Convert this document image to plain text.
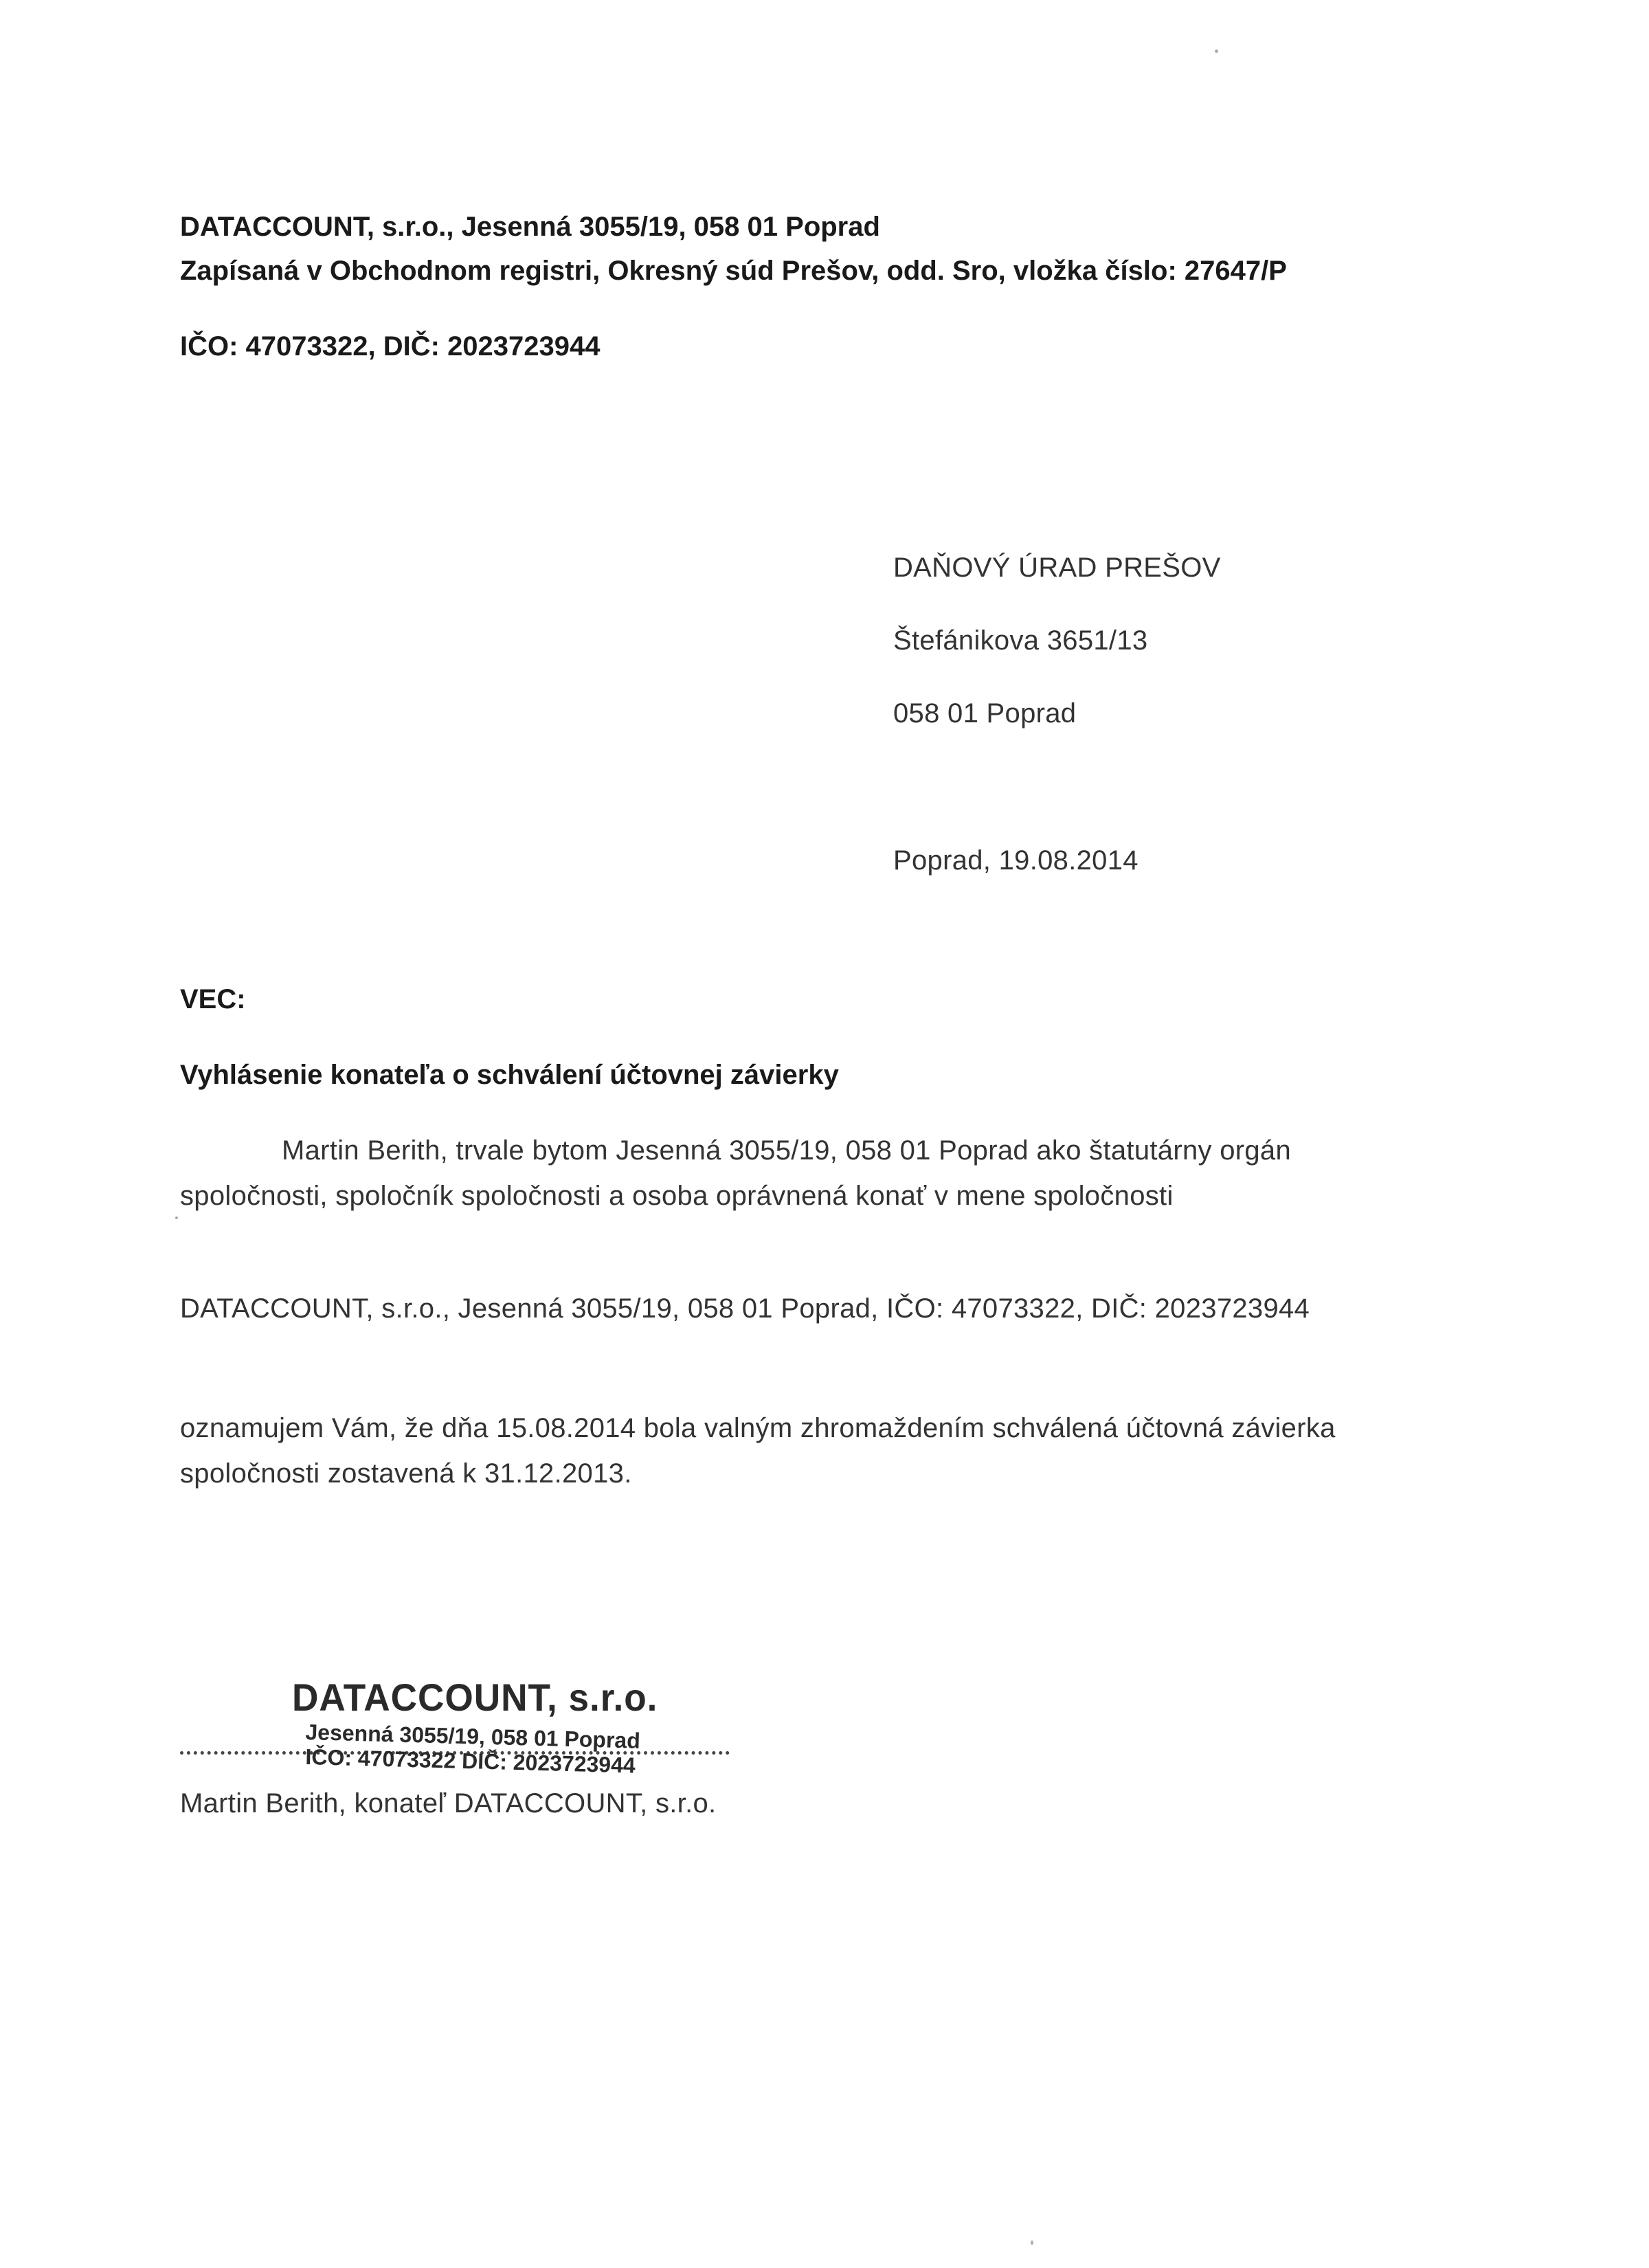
DATACCOUNT, s.r.o., Jesenná 3055/19, 058 01 Poprad
Zapísaná v Obchodnom registri, Okresný súd Prešov, odd. Sro, vložka číslo: 27647/P
IČO: 47073322, DIČ: 2023723944
DAŇOVÝ ÚRAD PREŠOV
Štefánikova 3651/13
058 01 Poprad
Poprad, 19.08.2014
VEC:
Vyhlásenie konateľa o schválení účtovnej závierky
Martin Berith, trvale bytom Jesenná 3055/19, 058 01 Poprad ako štatutárny orgán
spoločnosti, spoločník spoločnosti a osoba oprávnená konať v mene spoločnosti
DATACCOUNT, s.r.o., Jesenná 3055/19, 058 01 Poprad, IČO: 47073322, DIČ: 2023723944
oznamujem Vám, že dňa 15.08.2014 bola valným zhromaždením schválená účtovná závierka
spoločnosti zostavená k 31.12.2013.
DATACCOUNT, s.r.o.
Jesenná 3055/19, 058 01 Poprad
IČO: 47073322 DIČ: 2023723944
Martin Berith, konateľ DATACCOUNT, s.r.o.
